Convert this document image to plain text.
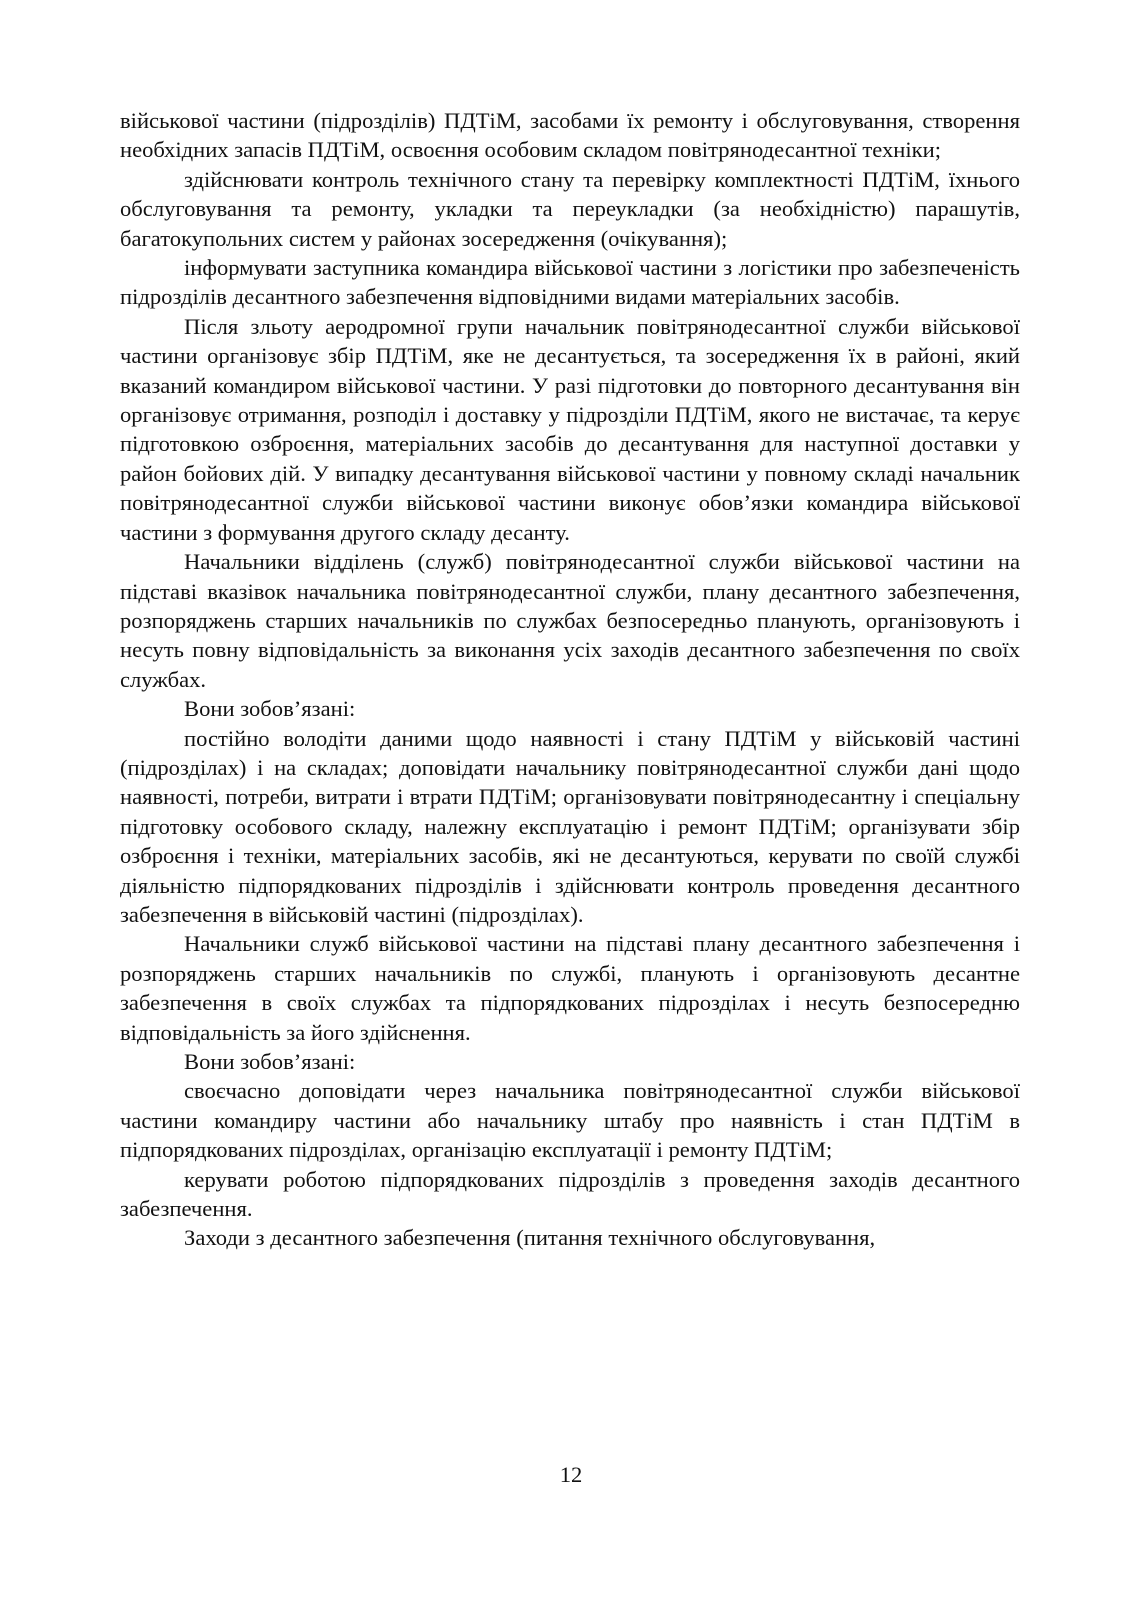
військової частини (підрозділів) ПДТіМ, засобами їх ремонту і обслуговування, створення необхідних запасів ПДТіМ, освоєння особовим складом повітрянодесантної техніки;

здійснювати контроль технічного стану та перевірку комплектності ПДТіМ, їхнього обслуговування та ремонту, укладки та переукладки (за необхідністю) парашутів, багатокупольних систем у районах зосередження (очікування);

інформувати заступника командира військової частини з логістики про забезпеченість підрозділів десантного забезпечення відповідними видами матеріальних засобів.

Після зльоту аеродромної групи начальник повітрянодесантної служби військової частини організовує збір ПДТіМ, яке не десантується, та зосередження їх в районі, який вказаний командиром військової частини. У разі підготовки до повторного десантування він організовує отримання, розподіл і доставку у підрозділи ПДТіМ, якого не вистачає, та керує підготовкою озброєння, матеріальних засобів до десантування для наступної доставки у район бойових дій. У випадку десантування військової частини у повному складі начальник повітрянодесантної служби військової частини виконує обов’язки командира військової частини з формування другого складу десанту.

Начальники відділень (служб) повітрянодесантної служби військової частини на підставі вказівок начальника повітрянодесантної служби, плану десантного забезпечення, розпоряджень старших начальників по службах безпосередньо планують, організовують і несуть повну відповідальність за виконання усіх заходів десантного забезпечення по своїх службах.

Вони зобов’язані:

постійно володіти даними щодо наявності і стану ПДТіМ у військовій частині (підрозділах) і на складах; доповідати начальнику повітрянодесантної служби дані щодо наявності, потреби, витрати і втрати ПДТіМ; організовувати повітрянодесантну і спеціальну підготовку особового складу, належну експлуатацію і ремонт ПДТіМ; організувати збір озброєння і техніки, матеріальних засобів, які не десантуються, керувати по своїй службі діяльністю підпорядкованих підрозділів і здійснювати контроль проведення десантного забезпечення в військовій частині (підрозділах).

Начальники служб військової частини на підставі плану десантного забезпечення і розпоряджень старших начальників по службі, планують і організовують десантне забезпечення в своїх службах та підпорядкованих підрозділах і несуть безпосередню відповідальність за його здійснення.

Вони зобов’язані:

своєчасно доповідати через начальника повітрянодесантної служби військової частини командиру частини або начальнику штабу про наявність і стан ПДТіМ в підпорядкованих підрозділах, організацію експлуатації і ремонту ПДТіМ;

керувати роботою підпорядкованих підрозділів з проведення заходів десантного забезпечення.

Заходи з десантного забезпечення (питання технічного обслуговування,

12
